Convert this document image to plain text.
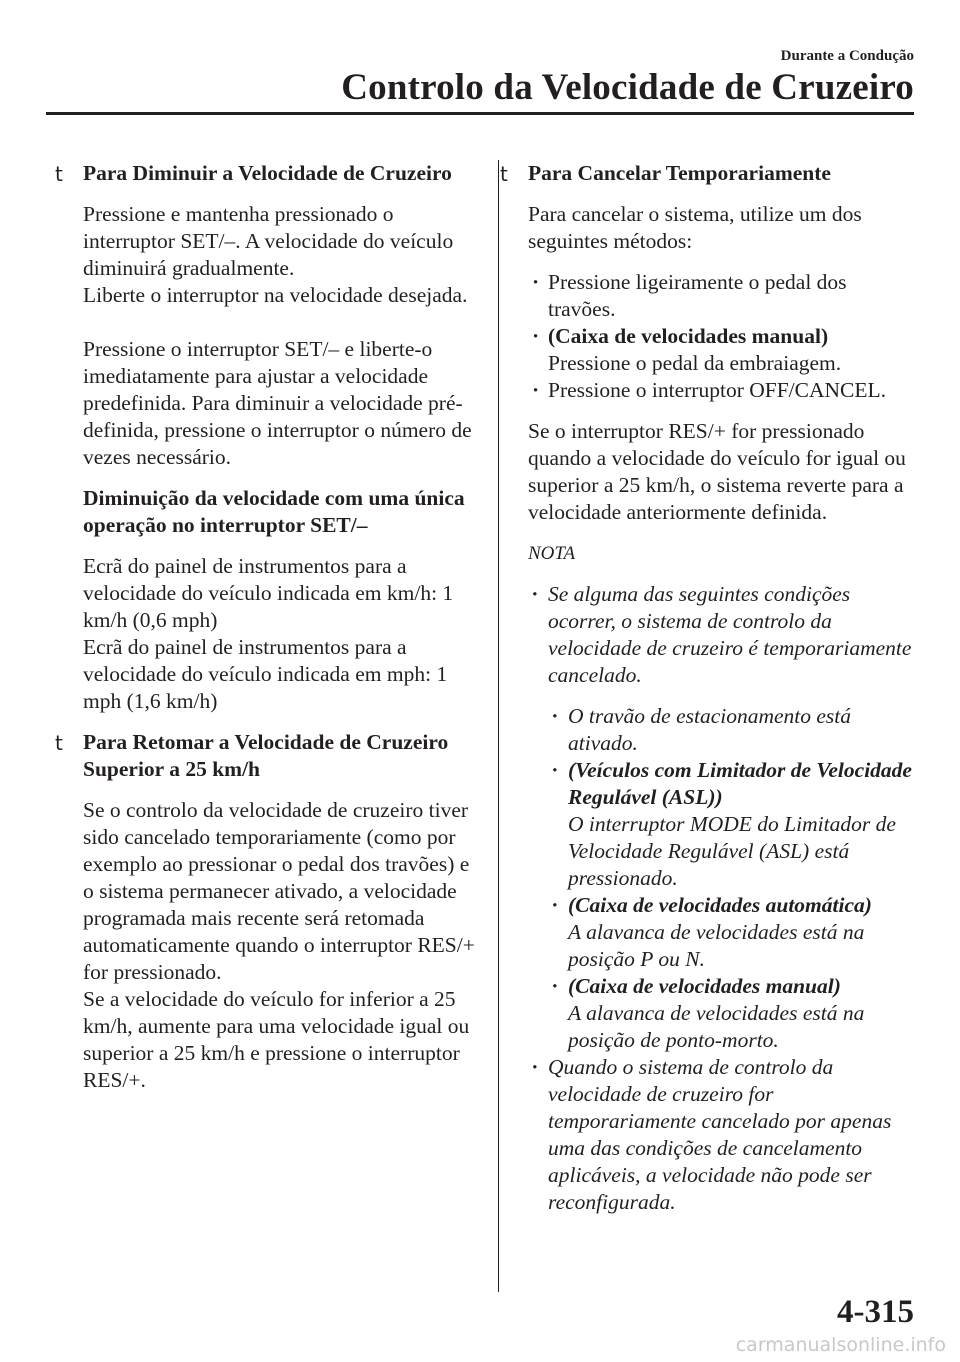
Durante a Condução
Controlo da Velocidade de Cruzeiro

t Para Diminuir a Velocidade de Cruzeiro

Pressione e mantenha pressionado o interruptor SET/–. A velocidade do veículo diminuirá gradualmente.

Liberte o interruptor na velocidade desejada.

Pressione o interruptor SET/– e liberte-o imediatamente para ajustar a velocidade predefinida. Para diminuir a velocidade pré-definida, pressione o interruptor o número de vezes necessário.

Diminuição da velocidade com uma única operação no interruptor SET/–

Ecrã do painel de instrumentos para a velocidade do veículo indicada em km/h: 1 km/h (0,6 mph)

Ecrã do painel de instrumentos para a velocidade do veículo indicada em mph: 1 mph (1,6 km/h)

t Para Retomar a Velocidade de Cruzeiro Superior a 25 km/h

Se o controlo da velocidade de cruzeiro tiver sido cancelado temporariamente (como por exemplo ao pressionar o pedal dos travões) e o sistema permanecer ativado, a velocidade programada mais recente será retomada automaticamente quando o interruptor RES/+ for pressionado.

Se a velocidade do veículo for inferior a 25 km/h, aumente para uma velocidade igual ou superior a 25 km/h e pressione o interruptor RES/+.

t Para Cancelar Temporariamente

Para cancelar o sistema, utilize um dos seguintes métodos:

· Pressione ligeiramente o pedal dos travões.

· (Caixa de velocidades manual)
Pressione o pedal da embraiagem.

· Pressione o interruptor OFF/CANCEL.

Se o interruptor RES/+ for pressionado quando a velocidade do veículo for igual ou superior a 25 km/h, o sistema reverte para a velocidade anteriormente definida.

NOTA

· Se alguma das seguintes condições ocorrer, o sistema de controlo da velocidade de cruzeiro é temporariamente cancelado.

· O travão de estacionamento está ativado.

· (Veículos com Limitador de Velocidade Regulável (ASL))
O interruptor MODE do Limitador de Velocidade Regulável (ASL) está pressionado.
· (Caixa de velocidades automática)
A alavanca de velocidades está na posição P ou N.
· (Caixa de velocidades manual)
A alavanca de velocidades está na posição de ponto-morto.

· Quando o sistema de controlo da velocidade de cruzeiro for temporariamente cancelado por apenas uma das condições de cancelamento aplicáveis, a velocidade não pode ser reconfigurada.

4-315
carmanualsonline.info
